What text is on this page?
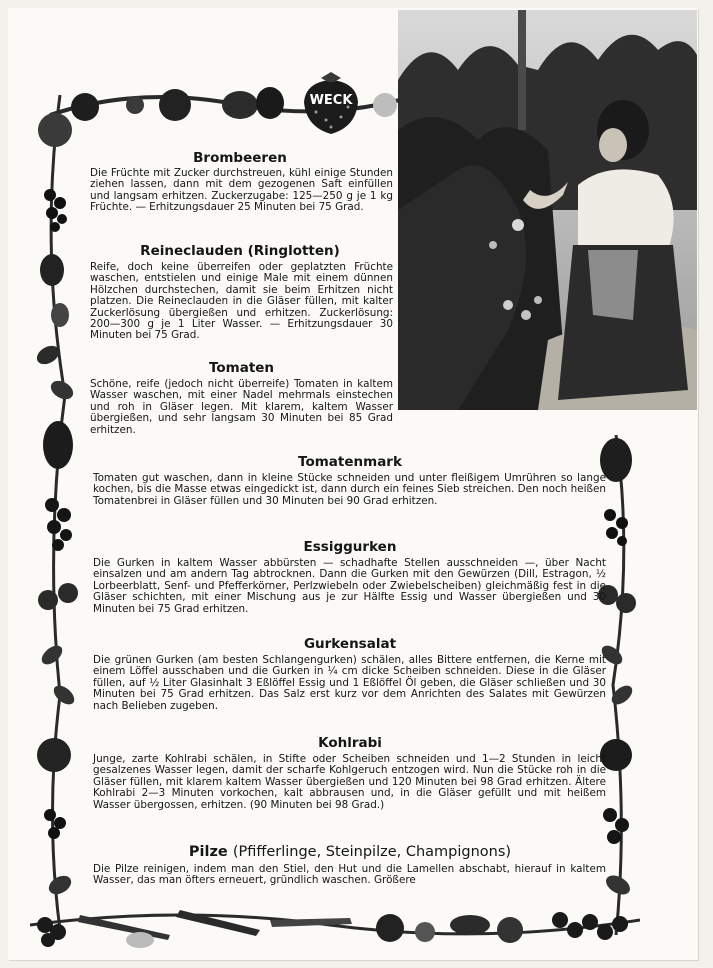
WECK
Brombeeren

Die Früchte mit Zucker durchstreuen, kühl einige Stunden ziehen lassen, dann mit dem gezogenen Saft einfüllen und langsam erhitzen. Zuckerzugabe: 125—250 g je 1 kg Früchte. — Erhitzungsdauer 25 Minuten bei 75 Grad.

Reineclauden (Ringlotten)

Reife, doch keine überreifen oder geplatzten Früchte waschen, entstielen und einige Male mit einem dünnen Hölzchen durchstechen, damit sie beim Erhitzen nicht platzen. Die Reineclauden in die Gläser füllen, mit kalter Zuckerlösung übergießen und erhitzen. Zuckerlösung: 200—300 g je 1 Liter Wasser. — Erhitzungsdauer 30 Minuten bei 75 Grad.

Tomaten

Schöne, reife (jedoch nicht überreife) Tomaten in kaltem Wasser waschen, mit einer Nadel mehrmals einstechen und roh in Gläser legen. Mit klarem, kaltem Wasser übergießen, und sehr langsam 30 Minuten bei 85 Grad erhitzen.

Tomatenmark

Tomaten gut waschen, dann in kleine Stücke schneiden und unter fleißigem Umrühren so lange kochen, bis die Masse etwas eingedickt ist, dann durch ein feines Sieb streichen. Den noch heißen Tomatenbrei in Gläser füllen und 30 Minuten bei 90 Grad erhitzen.

Essiggurken

Die Gurken in kaltem Wasser abbürsten — schadhafte Stellen ausschneiden —, über Nacht einsalzen und am andern Tag abtrocknen. Dann die Gurken mit den Gewürzen (Dill, Estragon, ½ Lorbeerblatt, Senf- und Pfefferkörner, Perlzwiebeln oder Zwiebelscheiben) gleichmäßig fest in die Gläser schichten, mit einer Mischung aus je zur Hälfte Essig und Wasser übergießen und 30 Minuten bei 75 Grad erhitzen.

Gurkensalat

Die grünen Gurken (am besten Schlangengurken) schälen, alles Bittere entfernen, die Kerne mit einem Löffel ausschaben und die Gurken in ¼ cm dicke Scheiben schneiden. Diese in die Gläser füllen, auf ½ Liter Glasinhalt 3 Eßlöffel Essig und 1 Eßlöffel Öl geben, die Gläser schließen und 30 Minuten bei 75 Grad erhitzen. Das Salz erst kurz vor dem Anrichten des Salates mit Gewürzen nach Belieben zugeben.

Kohlrabi

Junge, zarte Kohlrabi schälen, in Stifte oder Scheiben schneiden und 1—2 Stunden in leicht gesalzenes Wasser legen, damit der scharfe Kohlgeruch entzogen wird. Nun die Stücke roh in die Gläser füllen, mit klarem kaltem Wasser übergießen und 120 Minuten bei 98 Grad erhitzen. Ältere Kohlrabi 2—3 Minuten vorkochen, kalt abbrausen und, in die Gläser gefüllt und mit heißem Wasser übergossen, erhitzen. (90 Minuten bei 98 Grad.)

Pilze (Pfifferlinge, Steinpilze, Champignons)

Die Pilze reinigen, indem man den Stiel, den Hut und die Lamellen abschabt, hierauf in kaltem Wasser, das man öfters erneuert, gründlich waschen. Größere
